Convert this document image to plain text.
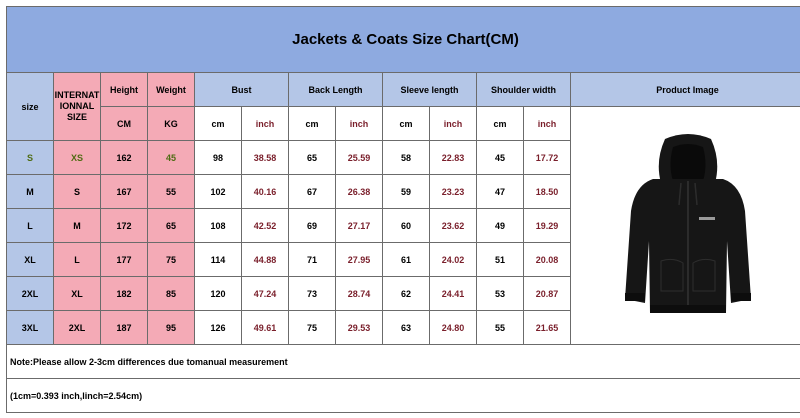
Jackets & Coats Size Chart(CM)												
size	INTERNAT
IONNAL
SIZE	Height	Weight	Bust		Back Length		Sleeve length		Shoulder width		Product Image
		CM	KG	cm	inch	cm	inch	cm	inch	cm	inch	

S	XS	162	45	98	38.58	65	25.59	58	22.83	45	17.72	
M	S	167	55	102	40.16	67	26.38	59	23.23	47	18.50	
L	M	172	65	108	42.52	69	27.17	60	23.62	49	19.29	
XL	L	177	75	114	44.88	71	27.95	61	24.02	51	20.08	
2XL	XL	182	85	120	47.24	73	28.74	62	24.41	53	20.87	
3XL	2XL	187	95	126	49.61	75	29.53	63	24.80	55	21.65	
Note:Please allow 2-3cm differences due tomanual measurement												
(1cm=0.393 inch,linch=2.54cm)												
